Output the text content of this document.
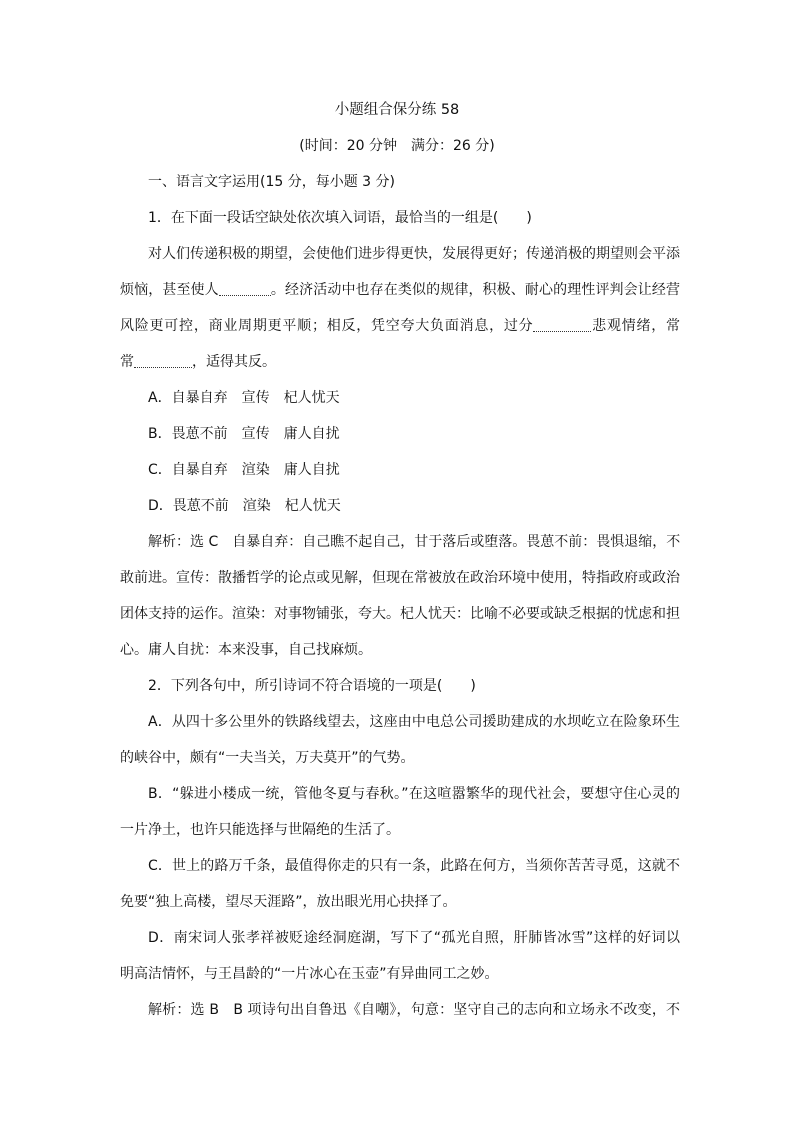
小题组合保分练 58
(时间：20 分钟　满分：26 分)
一、语言文字运用(15 分，每小题 3 分)
1．在下面一段话空缺处依次填入词语，最恰当的一组是(　　)
对人们传递积极的期望，会使他们进步得更快，发展得更好；传递消极的期望则会平添
烦恼，甚至使人	。经济活动中也存在类似的规律，积极、耐心的理性评判会让经营
风险更可控，商业周期更平顺；相反，凭空夸大负面消息，过分	悲观情绪，常
常	，适得其反。
A．自暴自弃　宣传　杞人忧天
B．畏葸不前　宣传　庸人自扰
C．自暴自弃　渲染　庸人自扰
D．畏葸不前　渲染　杞人忧天
解析：选 C　自暴自弃：自己瞧不起自己，甘于落后或堕落。畏葸不前：畏惧退缩，不
敢前进。宣传：散播哲学的论点或见解，但现在常被放在政治环境中使用，特指政府或政治
团体支持的运作。渲染：对事物铺张，夸大。杞人忧天：比喻不必要或缺乏根据的忧虑和担
心。庸人自扰：本来没事，自己找麻烦。
2．下列各句中，所引诗词不符合语境的一项是(　　)
A．从四十多公里外的铁路线望去，这座由中电总公司援助建成的水坝屹立在险象环生
的峡谷中，颇有“一夫当关，万夫莫开”的气势。
B．“躲进小楼成一统，管他冬夏与春秋。”在这喧嚣繁华的现代社会，要想守住心灵的
一片净土，也许只能选择与世隔绝的生活了。
C．世上的路万千条，最值得你走的只有一条，此路在何方，当须你苦苦寻觅，这就不
免要“独上高楼，望尽天涯路”，放出眼光用心抉择了。
D．南宋词人张孝祥被贬途经洞庭湖，写下了“孤光自照，肝肺皆冰雪”这样的好词以
明高洁情怀，与王昌龄的“一片冰心在玉壶”有异曲同工之妙。
解析：选 B　B 项诗句出自鲁迅《自嘲》，句意：坚守自己的志向和立场永不改变，不
